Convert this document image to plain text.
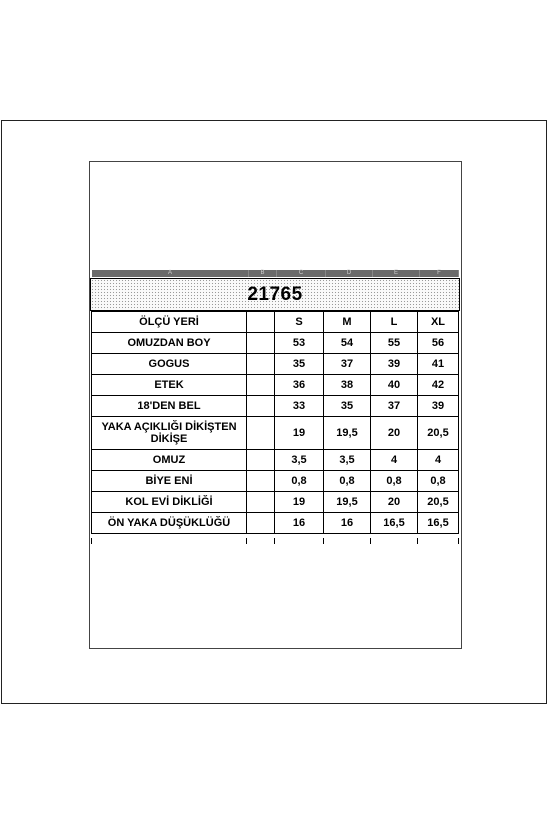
A	B	C	D	E	F
21765
ÖLÇÜ YERİ		S	M	L	XL
OMUZDAN BOY		53	54	55	56
GOGUS		35	37	39	41
ETEK		36	38	40	42
18'DEN BEL		33	35	37	39
YAKA AÇIKLIĞI DİKİŞTEN DİKİŞE		19	19,5	20	20,5
OMUZ		3,5	3,5	4	4
BİYE ENİ		0,8	0,8	0,8	0,8
KOL EVİ DİKLİĞİ		19	19,5	20	20,5
ÖN YAKA DÜŞÜKLÜĞÜ		16	16	16,5	16,5
